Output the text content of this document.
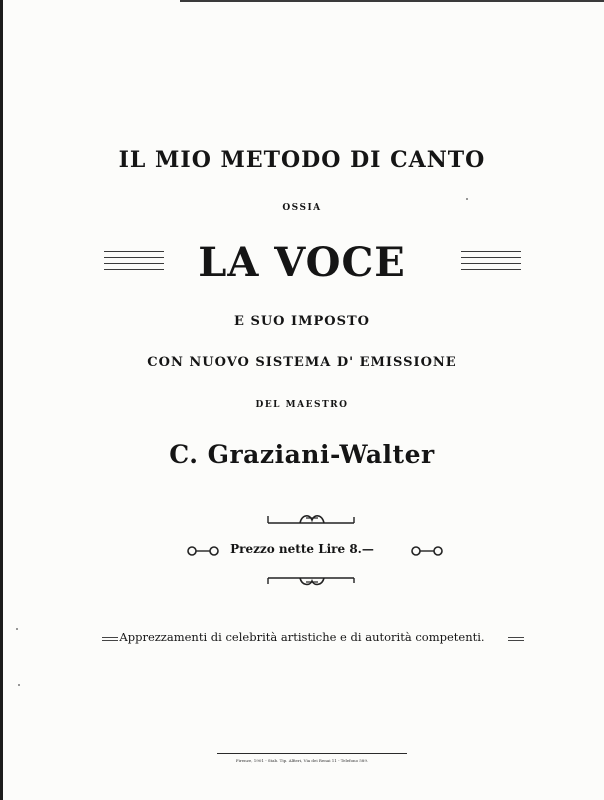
IL MIO METODO DI CANTO
OSSIA
LA VOCE
E SUO IMPOSTO
CON NUOVO SISTEMA D' EMISSIONE
DEL MAESTRO
C. Graziani-Walter
Prezzo nette Lire 8.—
Apprezzamenti di celebrità artistiche e di autorità competenti.
Firenze, 1901 - Stab. Tip. Alfieri, Via dei Renai 11 - Telefono 589.
